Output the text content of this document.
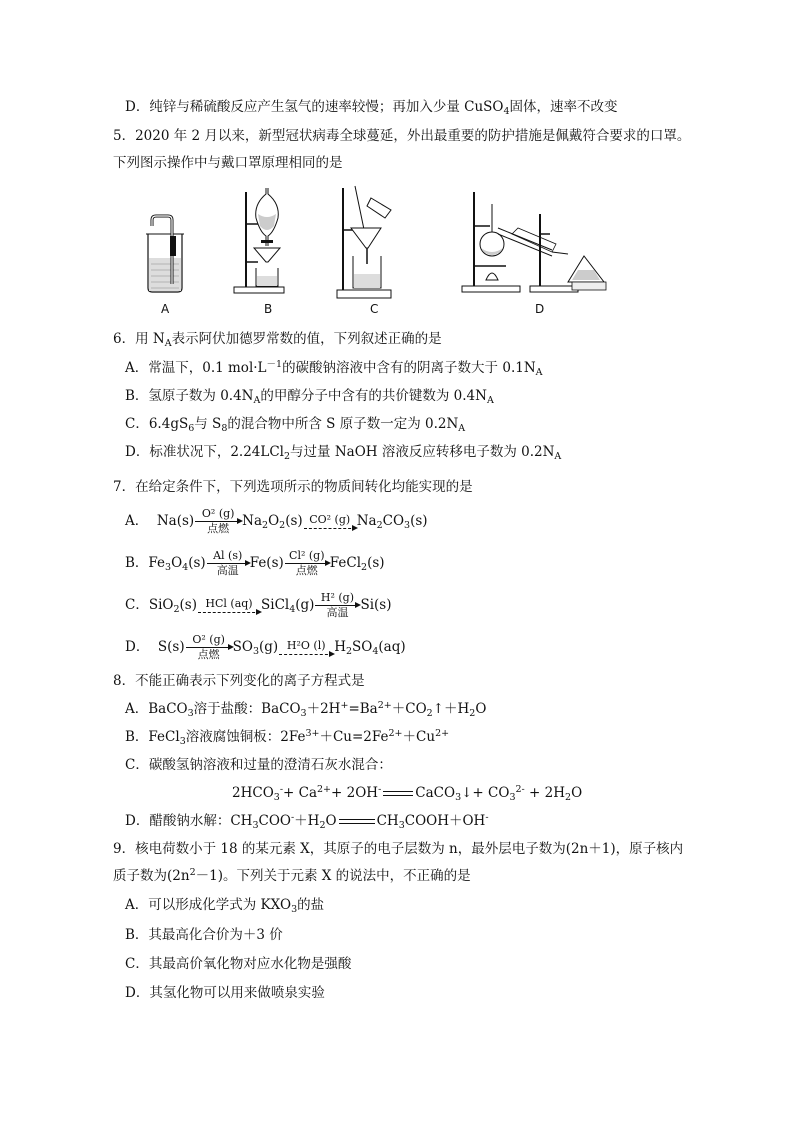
D．纯锌与稀硫酸反应产生氢气的速率较慢；再加入少量 CuSO$_4$固体，速率不改变
5．2020 年 2 月以来，新型冠状病毒全球蔓延，外出最重要的防护措施是佩戴符合要求的口罩。
下列图示操作中与戴口罩原理相同的是
A	B	C	D
6．用 $N_A$表示阿伏加德罗常数的值，下列叙述正确的是
A．常温下，0.1 $mol\cdot L^{-1}$的碳酸钠溶液中含有的阴离子数大于 $0.1N_A$
B．氢原子数为 $0.4N_A$的甲醇分子中含有的共价键数为 $0.4N_A$
C．$6.4gS_6$与 $S_8$的混合物中所含 S 原子数一定为 $0.2N_A$
D．标准状况下，2.24LCl$_2$与过量 NaOH 溶液反应转移电子数为 $0.2N_A$
7．在给定条件下，下列选项所示的物质间转化均能实现的是
A． Na(s) O² (g)
点燃 $Na_2O_2(s)$ CO² (g) $Na_2CO_3(s)$
B．$Fe_3O_4(s)$ Al (s)
高温 Fe(s) Cl² (g)
点燃 FeCl$_2$(s)
C．SiO$_2$(s) HCl (aq) SiCl$_4$(g) H² (g)
高温 Si(s)
D． S(s) O² (g)
点燃 $SO_3(g)$ H²O (l) $H_2SO_4(aq)$
8．不能正确表示下列变化的离子方程式是
A．BaCO$_3$溶于盐酸：$BaCO_3+2H^+=Ba^{2+}+CO_2↑+H_2O$
B．FeCl$_3$溶液腐蚀铜板：$2Fe^{3+}+Cu=2Fe^{2+}+Cu^{2+}$
C．碳酸氢钠溶液和过量的澄清石灰水混合：
$2HCO_3^-+ Ca^{2+}+ 2OH^-$	CaCO$_3$↓+ $CO_3^{2-} + 2H_2O$
D．醋酸钠水解：$CH_3COO^-+H_2O$	$CH_3COOH+OH^-$
9．核电荷数小于 18 的某元素 X，其原子的电子层数为 n，最外层电子数为(2n＋1)，原子核内
质子数为$(2n^2-1)$。下列关于元素 X 的说法中，不正确的是
A．可以形成化学式为 $KXO_3$的盐
B．其最高化合价为＋3 价
C．其最高价氧化物对应水化物是强酸
D．其氢化物可以用来做喷泉实验
